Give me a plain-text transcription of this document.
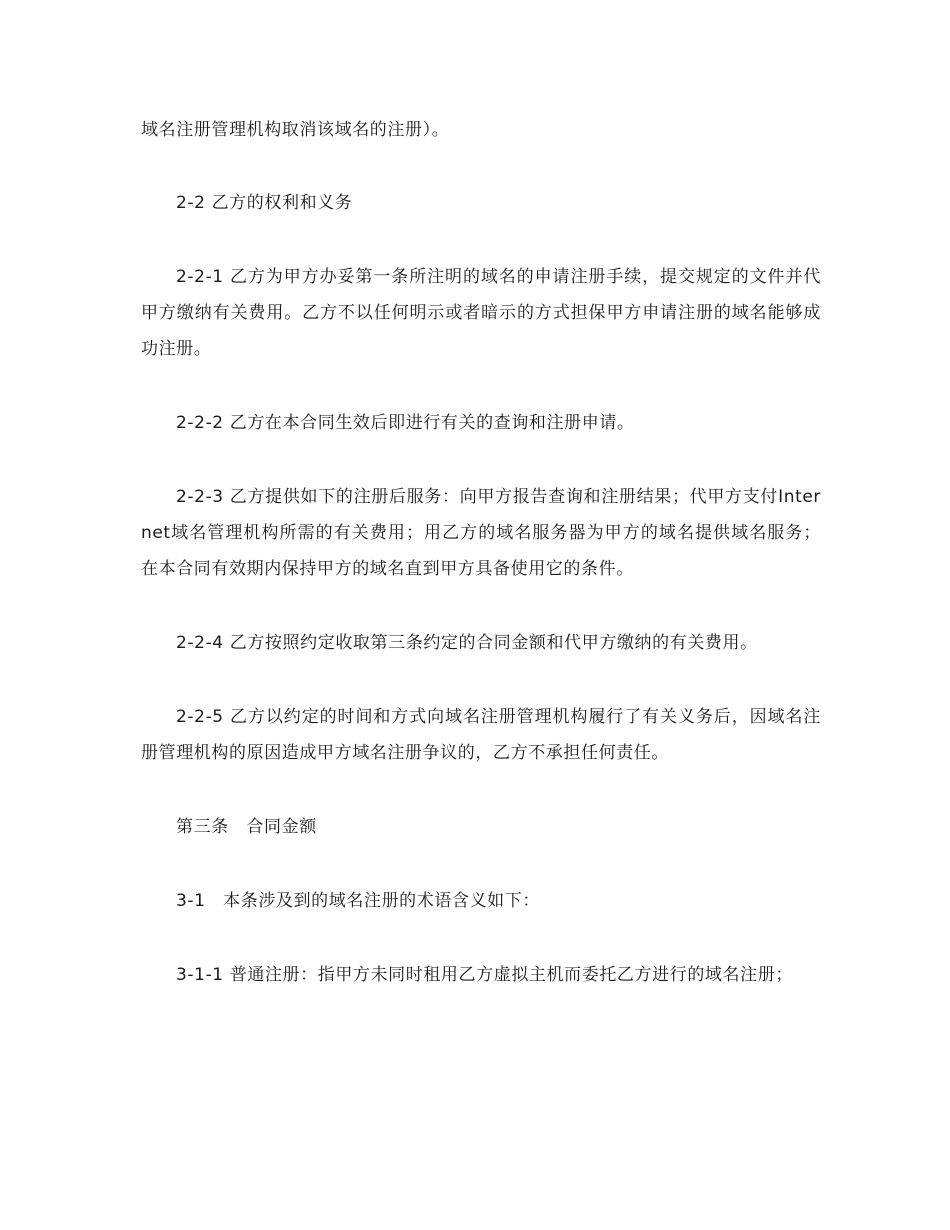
域名注册管理机构取消该域名的注册）。

2-2 乙方的权利和义务

2-2-1 乙方为甲方办妥第一条所注明的域名的申请注册手续，提交规定的文件并代甲方缴纳有关费用。乙方不以任何明示或者暗示的方式担保甲方申请注册的域名能够成功注册。

2-2-2 乙方在本合同生效后即进行有关的查询和注册申请。

2-2-3 乙方提供如下的注册后服务：向甲方报告查询和注册结果；代甲方支付Internet域名管理机构所需的有关费用；用乙方的域名服务器为甲方的域名提供域名服务；在本合同有效期内保持甲方的域名直到甲方具备使用它的条件。

2-2-4 乙方按照约定收取第三条约定的合同金额和代甲方缴纳的有关费用。

2-2-5 乙方以约定的时间和方式向域名注册管理机构履行了有关义务后，因域名注册管理机构的原因造成甲方域名注册争议的，乙方不承担任何责任。

第三条　合同金额

3-1　本条涉及到的域名注册的术语含义如下：

3-1-1 普通注册：指甲方未同时租用乙方虚拟主机而委托乙方进行的域名注册；
